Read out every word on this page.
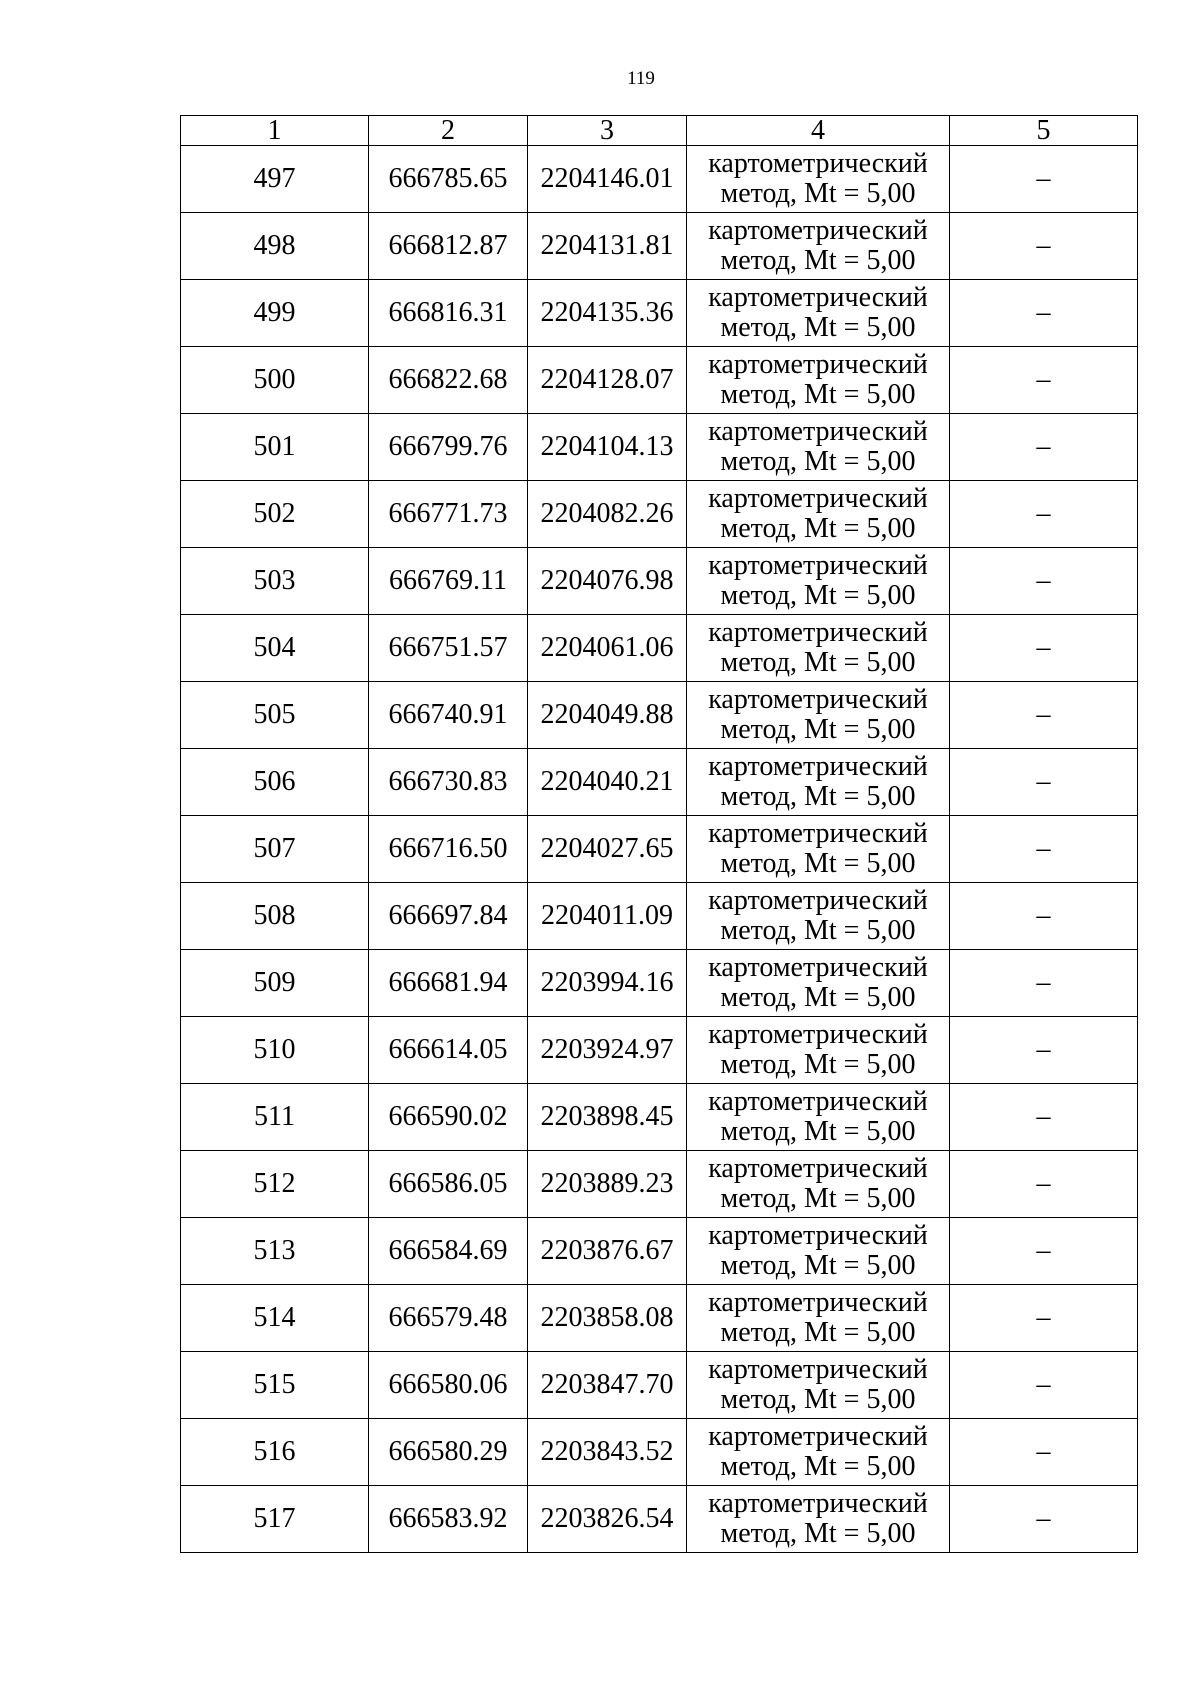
119
1	2	3	4	5
497	666785.65	2204146.01	картометрический
метод, Mt = 5,00	–
498	666812.87	2204131.81	картометрический
метод, Mt = 5,00	–
499	666816.31	2204135.36	картометрический
метод, Mt = 5,00	–
500	666822.68	2204128.07	картометрический
метод, Mt = 5,00	–
501	666799.76	2204104.13	картометрический
метод, Mt = 5,00	–
502	666771.73	2204082.26	картометрический
метод, Mt = 5,00	–
503	666769.11	2204076.98	картометрический
метод, Mt = 5,00	–
504	666751.57	2204061.06	картометрический
метод, Mt = 5,00	–
505	666740.91	2204049.88	картометрический
метод, Mt = 5,00	–
506	666730.83	2204040.21	картометрический
метод, Mt = 5,00	–
507	666716.50	2204027.65	картометрический
метод, Mt = 5,00	–
508	666697.84	2204011.09	картометрический
метод, Mt = 5,00	–
509	666681.94	2203994.16	картометрический
метод, Mt = 5,00	–
510	666614.05	2203924.97	картометрический
метод, Mt = 5,00	–
511	666590.02	2203898.45	картометрический
метод, Mt = 5,00	–
512	666586.05	2203889.23	картометрический
метод, Mt = 5,00	–
513	666584.69	2203876.67	картометрический
метод, Mt = 5,00	–
514	666579.48	2203858.08	картометрический
метод, Mt = 5,00	–
515	666580.06	2203847.70	картометрический
метод, Mt = 5,00	–
516	666580.29	2203843.52	картометрический
метод, Mt = 5,00	–
517	666583.92	2203826.54	картометрический
метод, Mt = 5,00	–
